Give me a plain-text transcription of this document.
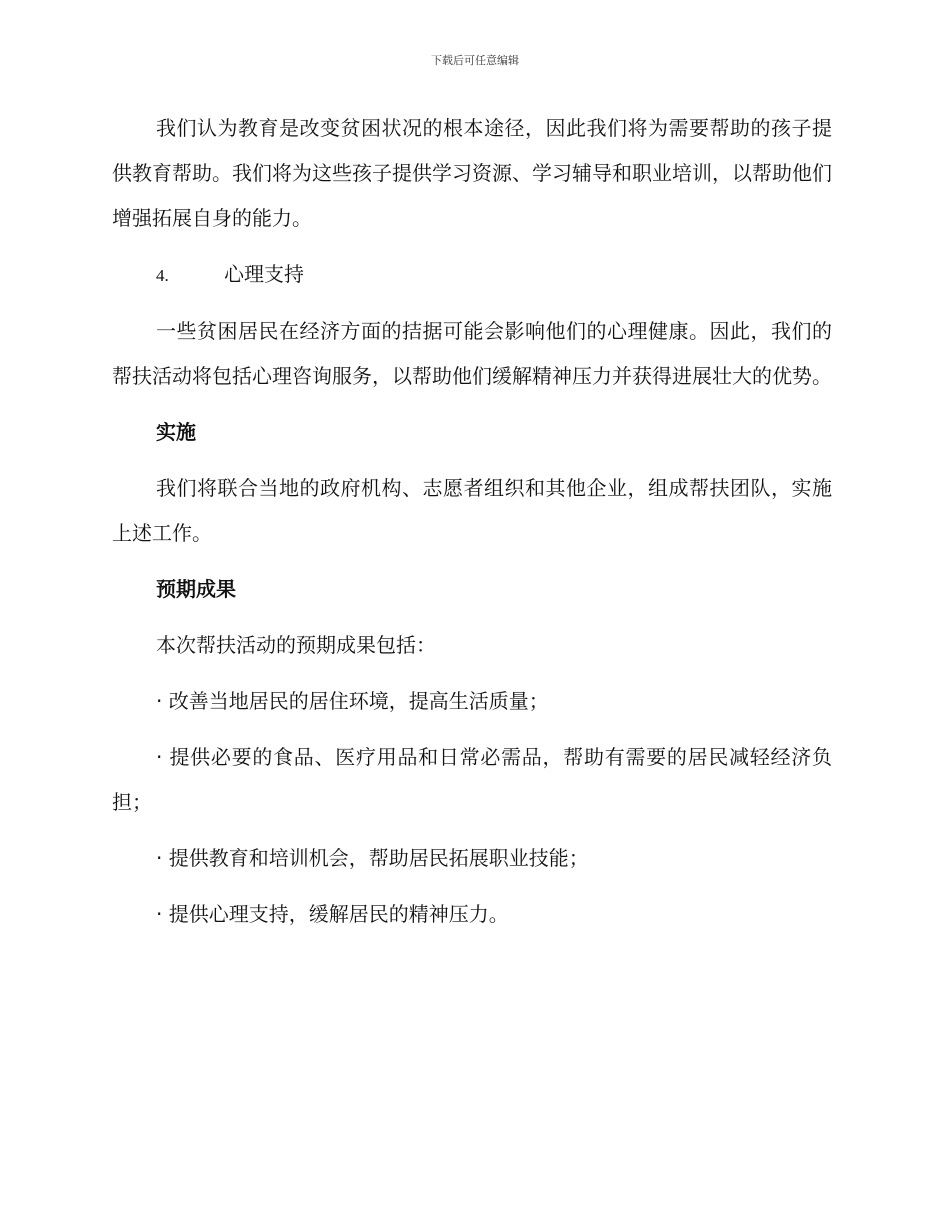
下载后可任意编辑

我们认为教育是改变贫困状况的根本途径，因此我们将为需要帮助的孩子提供教育帮助。我们将为这些孩子提供学习资源、学习辅导和职业培训，以帮助他们增强拓展自身的能力。

4.	心理支持

一些贫困居民在经济方面的拮据可能会影响他们的心理健康。因此，我们的帮扶活动将包括心理咨询服务，以帮助他们缓解精神压力并获得进展壮大的优势。

实施

我们将联合当地的政府机构、志愿者组织和其他企业，组成帮扶团队，实施上述工作。

预期成果

本次帮扶活动的预期成果包括：

· 改善当地居民的居住环境，提高生活质量；

· 提供必要的食品、医疗用品和日常必需品，帮助有需要的居民减轻经济负担；

· 提供教育和培训机会，帮助居民拓展职业技能；

· 提供心理支持，缓解居民的精神压力。
